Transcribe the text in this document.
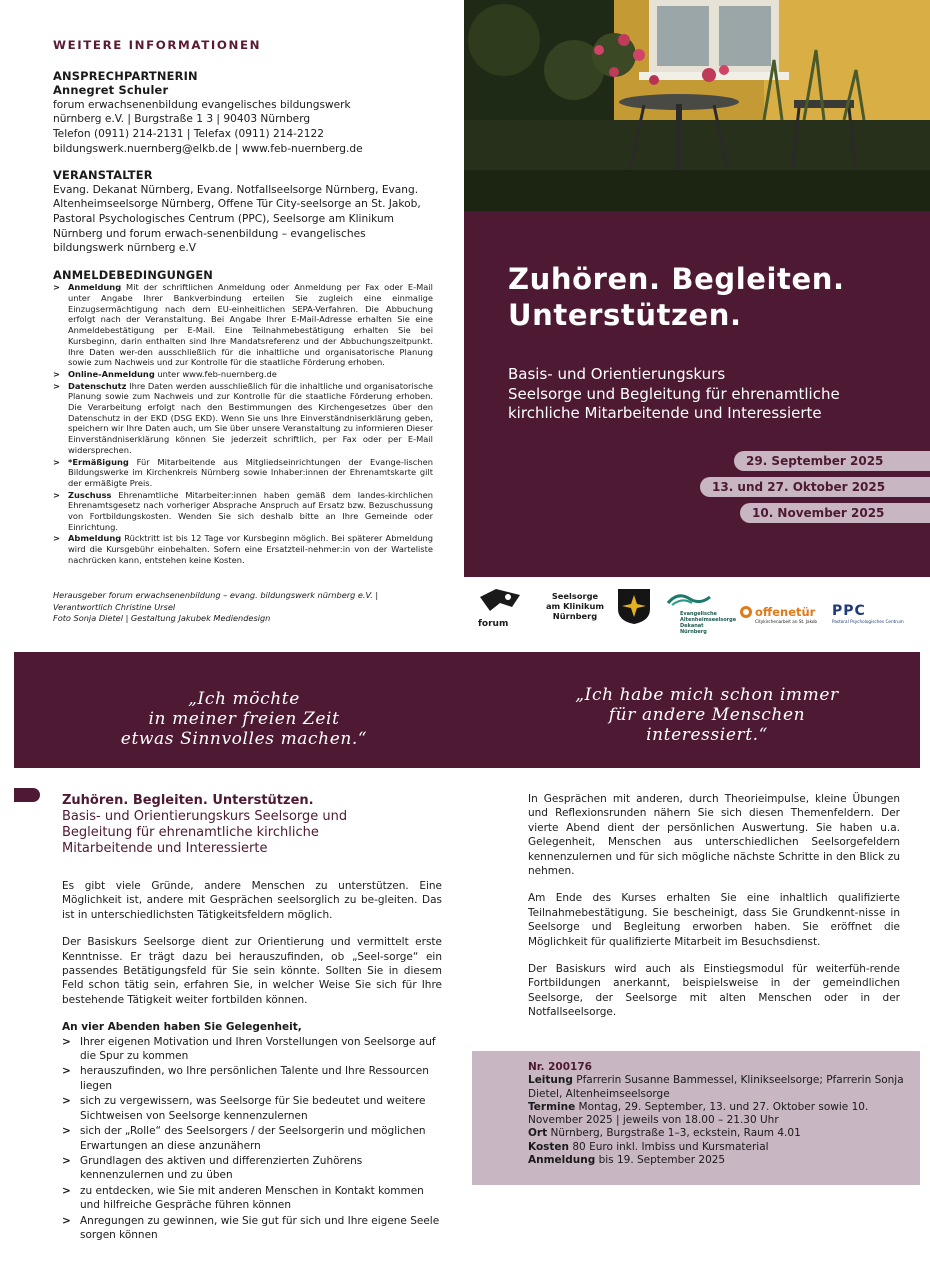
WEITERE INFORMATIONEN
ANSPRECHPARTNERIN
Annegret Schuler

forum erwachsenenbildung evangelisches bildungswerk

nürnberg e.V. | Burgstraße 1 3 | 90403 Nürnberg

Telefon (0911) 214-2131 | Telefax (0911) 214-2122

bildungswerk.nuernberg@elkb.de | www.feb-nuernberg.de

VERANSTALTER

Evang. Dekanat Nürnberg, Evang. Notfallseelsorge Nürnberg, Evang. Altenheimseelsorge Nürnberg, Offene Tür City-seelsorge an St. Jakob, Pastoral Psychologisches Centrum (PPC), Seelsorge am Klinikum Nürnberg und forum erwach-senenbildung – evangelisches bildungswerk nürnberg e.V

ANMELDEBEDINGUNGEN
> Anmeldung Mit der schriftlichen Anmeldung oder Anmeldung per Fax oder E-Mail unter Angabe Ihrer Bankverbindung erteilen Sie zugleich eine einmalige Einzugsermächtigung nach dem EU-einheitlichen SEPA-Verfahren. Die Abbuchung erfolgt nach der Veranstaltung. Bei Angabe Ihrer E-Mail-Adresse erhalten Sie eine Anmeldebestätigung per E-Mail. Eine Teilnahmebestätigung erhalten Sie bei Kursbeginn, darin enthalten sind Ihre Mandatsreferenz und der Abbuchungszeitpunkt. Ihre Daten wer-den ausschließlich für die inhaltliche und organisatorische Planung sowie zum Nachweis und zur Kontrolle für die staatliche Förderung erhoben.
> Online-Anmeldung unter www.feb-nuernberg.de
> Datenschutz Ihre Daten werden ausschließlich für die inhaltliche und organisatorische Planung sowie zum Nachweis und zur Kontrolle für die staatliche Förderung erhoben. Die Verarbeitung erfolgt nach den Bestimmungen des Kirchengesetzes über den Datenschutz in der EKD (DSG EKD). Wenn Sie uns Ihre Einverständniserklärung geben, speichern wir Ihre Daten auch, um Sie über unsere Veranstaltung zu informieren Dieser Einverständniserklärung können Sie jederzeit schriftlich, per Fax oder per E-Mail widersprechen.
> *Ermäßigung Für Mitarbeitende aus Mitgliedseinrichtungen der Evange-lischen Bildungswerke im Kirchenkreis Nürnberg sowie Inhaber:innen der Ehrenamtskarte gilt der ermäßigte Preis.
> Zuschuss Ehrenamtliche Mitarbeiter:innen haben gemäß dem landes-kirchlichen Ehrenamtsgesetz nach vorheriger Absprache Anspruch auf Ersatz bzw. Bezuschussung von Fortbildungskosten. Wenden Sie sich deshalb bitte an Ihre Gemeinde oder Einrichtung.
> Abmeldung Rücktritt ist bis 12 Tage vor Kursbeginn möglich. Bei späterer Abmeldung wird die Kursgebühr einbehalten. Sofern eine Ersatzteil-nehmer:in von der Warteliste nachrücken kann, entstehen keine Kosten.
Herausgeber forum erwachsenenbildung – evang. bildungswerk nürnberg e.V. |
Verantwortlich Christine Ursel
Foto Sonja Dietel | Gestaltung Jakubek Mediendesign
Zuhören. Begleiten.
Unterstützen.
Basis- und Orientierungskurs
Seelsorge und Begleitung für ehrenamtliche
kirchliche Mitarbeitende und Interessierte
29. September 2025
13. und 27. Oktober 2025
10. November 2025
forum
Seelsorge
am Klinikum
Nürnberg	Evangelische
Altenheimseelsorge
Dekanat Nürnberg
offenetür
Citykirchenarbeit an St. Jakob
PPC
Pastoral Psychologisches Centrum
„Ich möchte
in meiner freien Zeit
etwas Sinnvolles machen.“
„Ich habe mich schon immer
für andere Menschen
interessiert.“
Zuhören. Begleiten. Unterstützen.
Basis- und Orientierungskurs Seelsorge und
Begleitung für ehrenamtliche kirchliche
Mitarbeitende und Interessierte

Es gibt viele Gründe, andere Menschen zu unterstützen. Eine Möglichkeit ist, andere mit Gesprächen seelsorglich zu be-gleiten. Das ist in unterschiedlichsten Tätigkeitsfeldern möglich.

Der Basiskurs Seelsorge dient zur Orientierung und vermittelt erste Kenntnisse. Er trägt dazu bei herauszufinden, ob „Seel-sorge“ ein passendes Betätigungsfeld für Sie sein könnte. Sollten Sie in diesem Feld schon tätig sein, erfahren Sie, in welcher Weise Sie sich für Ihre bestehende Tätigkeit weiter fortbilden können.

An vier Abenden haben Sie Gelegenheit,
> Ihrer eigenen Motivation und Ihren Vorstellungen von Seelsorge auf die Spur zu kommen
> herauszufinden, wo Ihre persönlichen Talente und Ihre Ressourcen liegen
> sich zu vergewissern, was Seelsorge für Sie bedeutet und weitere Sichtweisen von Seelsorge kennenzulernen
> sich der „Rolle“ des Seelsorgers / der Seelsorgerin und möglichen Erwartungen an diese anzunähern
> Grundlagen des aktiven und differenzierten Zuhörens kennenzulernen und zu üben
> zu entdecken, wie Sie mit anderen Menschen in Kontakt kommen und hilfreiche Gespräche führen können
> Anregungen zu gewinnen, wie Sie gut für sich und Ihre eigene Seele sorgen können

In Gesprächen mit anderen, durch Theorieimpulse, kleine Übungen und Reflexionsrunden nähern Sie sich diesen Themenfeldern. Der vierte Abend dient der persönlichen Auswertung. Sie haben u.a. Gelegenheit, Menschen aus unterschiedlichen Seelsorgefeldern kennenzulernen und für sich mögliche nächste Schritte in den Blick zu nehmen.

Am Ende des Kurses erhalten Sie eine inhaltlich qualifizierte Teilnahmebestätigung. Sie bescheinigt, dass Sie Grundkennt-nisse in Seelsorge und Begleitung erworben haben. Sie eröffnet die Möglichkeit für qualifizierte Mitarbeit im Besuchsdienst.

Der Basiskurs wird auch als Einstiegsmodul für weiterfüh-rende Fortbildungen anerkannt, beispielsweise in der gemeindlichen Seelsorge, der Seelsorge mit alten Menschen oder in der Notfallseelsorge.

Nr. 200176
Leitung Pfarrerin Susanne Bammessel, Klinikseelsorge; Pfarrerin Sonja Dietel, Altenheimseelsorge
Termine Montag, 29. September, 13. und 27. Oktober sowie 10. November 2025 | jeweils von 18.00 – 21.30 Uhr
Ort Nürnberg, Burgstraße 1–3, eckstein, Raum 4.01
Kosten 80 Euro inkl. Imbiss und Kursmaterial
Anmeldung bis 19. September 2025
